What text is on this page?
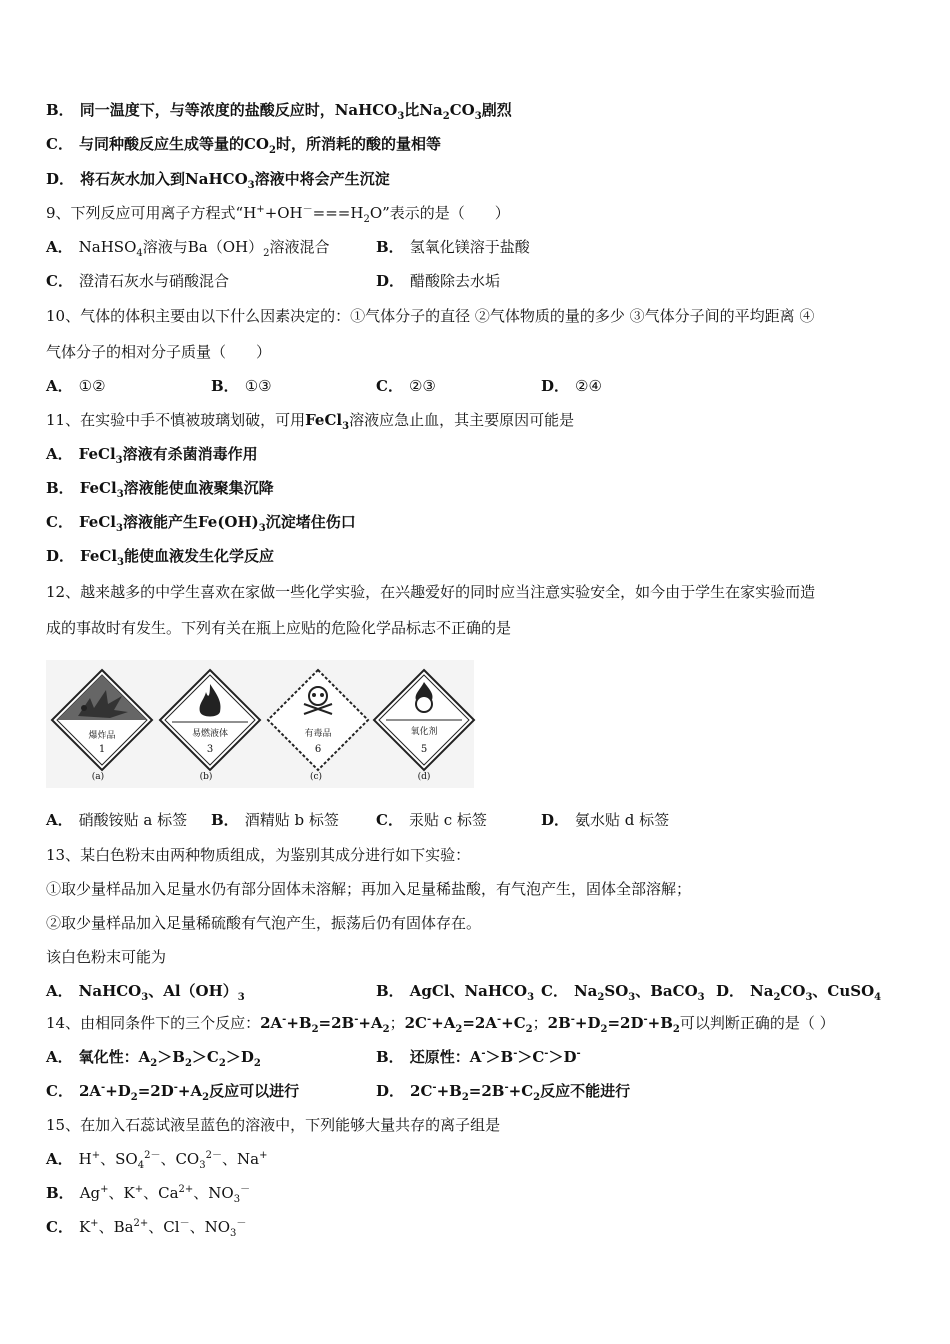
B． 同一温度下，与等浓度的盐酸反应时，NaHCO$_3$比$Na_2CO_3$剧烈
C． 与同种酸反应生成等量的$CO_2$时，所消耗的酸的量相等
D． 将石灰水加入到NaHCO$_3$溶液中将会产生沉淀
9、下列反应可用离子方程式“$H^++OH^-===H_2O$”表示的是（　　）
A． NaHSO$_4$溶液与$Ba(OH)_2$溶液混合	B． 氢氧化镁溶于盐酸
C． 澄清石灰水与硝酸混合	D． 醋酸除去水垢
10、气体的体积主要由以下什么因素决定的：①气体分子的直径 ②气体物质的量的多少 ③气体分子间的平均距离 ④
气体分子的相对分子质量（　　）
A． ①②	B． ①③	C． ②③	D． ②④
11、在实验中手不慎被玻璃划破，可用FeCl$_3$溶液应急止血，其主要原因可能是
A． FeCl$_3$溶液有杀菌消毒作用
B． FeCl$_3$溶液能使血液聚集沉降
C． FeCl$_3$溶液能产生$Fe(OH)_3$沉淀堵住伤口
D． FeCl$_3$能使血液发生化学反应
12、越来越多的中学生喜欢在家做一些化学实验，在兴趣爱好的同时应当注意实验安全，如今由于学生在家实验而造
成的事故时有发生。下列有关在瓶上应贴的危险化学品标志不正确的是
爆炸品
1
易燃液体
3
有毒品
6
氧化剂
5
(a)	(b)	(c)	(d)
A． 硝酸铵贴 a 标签 B． 酒精贴 b 标签 C． 汞贴 c 标签	D． 氨水贴 d 标签
13、某白色粉末由两种物质组成，为鉴别其成分进行如下实验：
①取少量样品加入足量水仍有部分固体未溶解；再加入足量稀盐酸，有气泡产生，固体全部溶解；
②取少量样品加入足量稀硫酸有气泡产生，振荡后仍有固体存在。
该白色粉末可能为
A． NaHCO$_3$、$Al(OH)_3$	B． AgCl、NaHCO$_3$ C． $Na_2SO_3$、BaCO$_3$ D． $Na_2CO_3$、CuSO$_4$
14、由相同条件下的三个反应：$2A^-+B_2=2B^-+A_2$；$2C^-+A_2=2A^-+C_2$；$2B^-+D_2=2D^-+B_2$可以判断正确的是（ ）
A． 氧化性：$A_2>B_2>C_2>D_2$	B． 还原性：A-＞B-＞C-＞D-
C． $2A^-+D_2=2D^-+A_2$反应可以进行	D． $2C^-+B_2=2B^-+C_2$反应不能进行
15、在加入石蕊试液呈蓝色的溶液中，下列能够大量共存的离子组是
A． H+、$SO_4^{2-}$、$CO_3^{2-}$、Na+
B． Ag+、K+、$Ca^{2+}$、$NO_3^-$
C． K+、$Ba^{2+}$、Cl－、$NO_3^-$
